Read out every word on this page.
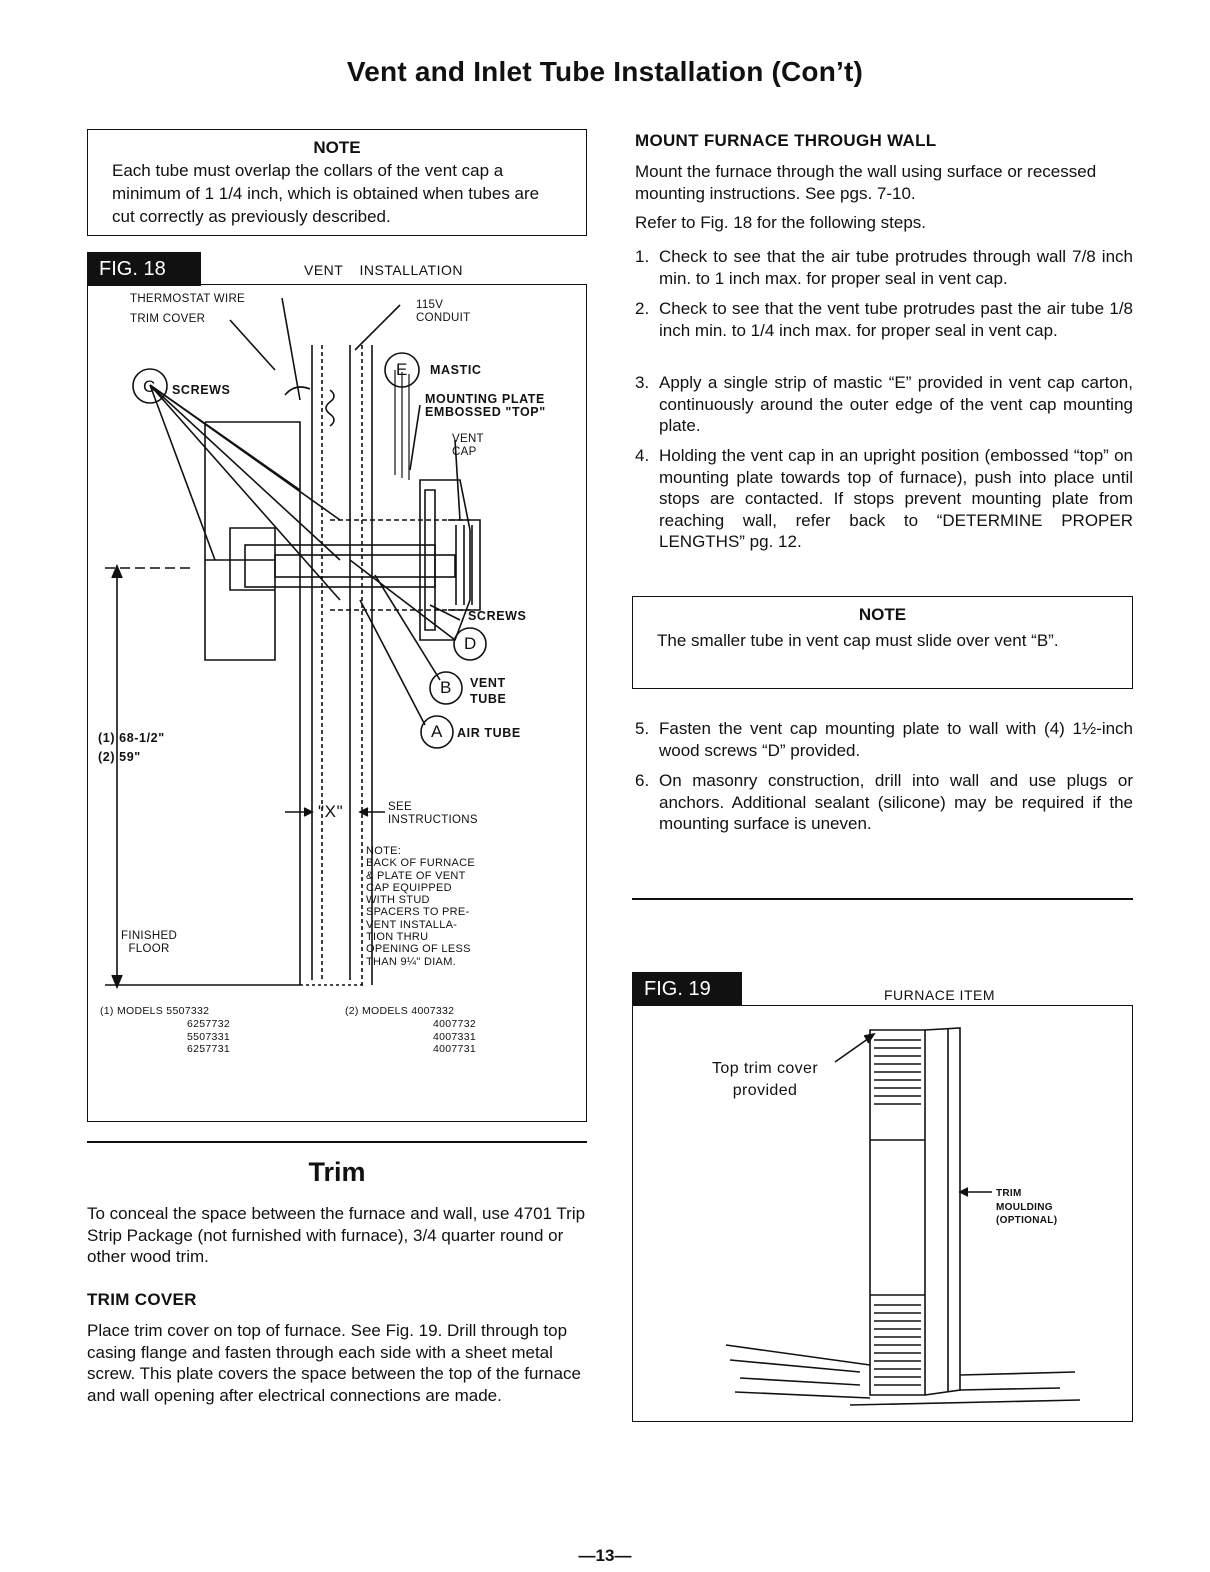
Vent and Inlet Tube Installation (Con’t)
NOTE
Each tube must overlap the collars of the vent cap a minimum of 1 1/4 inch, which is obtained when tubes are cut correctly as previously described.
FIG. 18	VENT INSTALLATION
THERMOSTAT WIRE
TRIM COVER
115V
CONDUIT
C SCREWS
E MASTIC
MOUNTING PLATE
EMBOSSED "TOP"
VENT
CAP
SCREWS
D
B VENT
TUBE
A AIR TUBE
(1) 68-1/2"
(2) 59"
"X"	SEE
INSTRUCTIONS
NOTE:
BACK OF FURNACE
& PLATE OF VENT
CAP EQUIPPED
WITH STUD
SPACERS TO PRE-
VENT INSTALLA-
TION THRU
OPENING OF LESS
THAN 9¼" DIAM.
FINISHED
FLOOR
(1) MODELS 5507332
6257732
5507331
6257731
(2) MODELS 4007332
4007732
4007331
4007731
Trim
To conceal the space between the furnace and wall, use 4701 Trip Strip Package (not furnished with furnace), 3/4 quarter round or other wood trim.
TRIM COVER
Place trim cover on top of furnace. See Fig. 19. Drill through top casing flange and fasten through each side with a sheet metal screw. This plate covers the space between the top of the furnace and wall opening after electrical connections are made.
MOUNT FURNACE THROUGH WALL
Mount the furnace through the wall using surface or recessed mounting instructions. See pgs. 7-10.
Refer to Fig. 18 for the following steps.
1. Check to see that the air tube protrudes through wall 7/8 inch min. to 1 inch max. for proper seal in vent cap.
2. Check to see that the vent tube protrudes past the air tube 1/8 inch min. to 1/4 inch max. for proper seal in vent cap.
3. Apply a single strip of mastic “E” provided in vent cap carton, continuously around the outer edge of the vent cap mounting plate.
4. Holding the vent cap in an upright position (embossed “top” on mounting plate towards top of furnace), push into place until stops are contacted. If stops prevent mounting plate from reaching wall, refer back to “DETERMINE PROPER LENGTHS” pg. 12.
NOTE
The smaller tube in vent cap must slide over vent “B”.
5. Fasten the vent cap mounting plate to wall with (4) 1½-inch wood screws “D” provided.
6. On masonry construction, drill into wall and use plugs or anchors. Additional sealant (silicone) may be required if the mounting surface is uneven.
FIG. 19	FURNACE ITEM
Top trim cover
provided
TRIM
MOULDING
(OPTIONAL)
—13—
